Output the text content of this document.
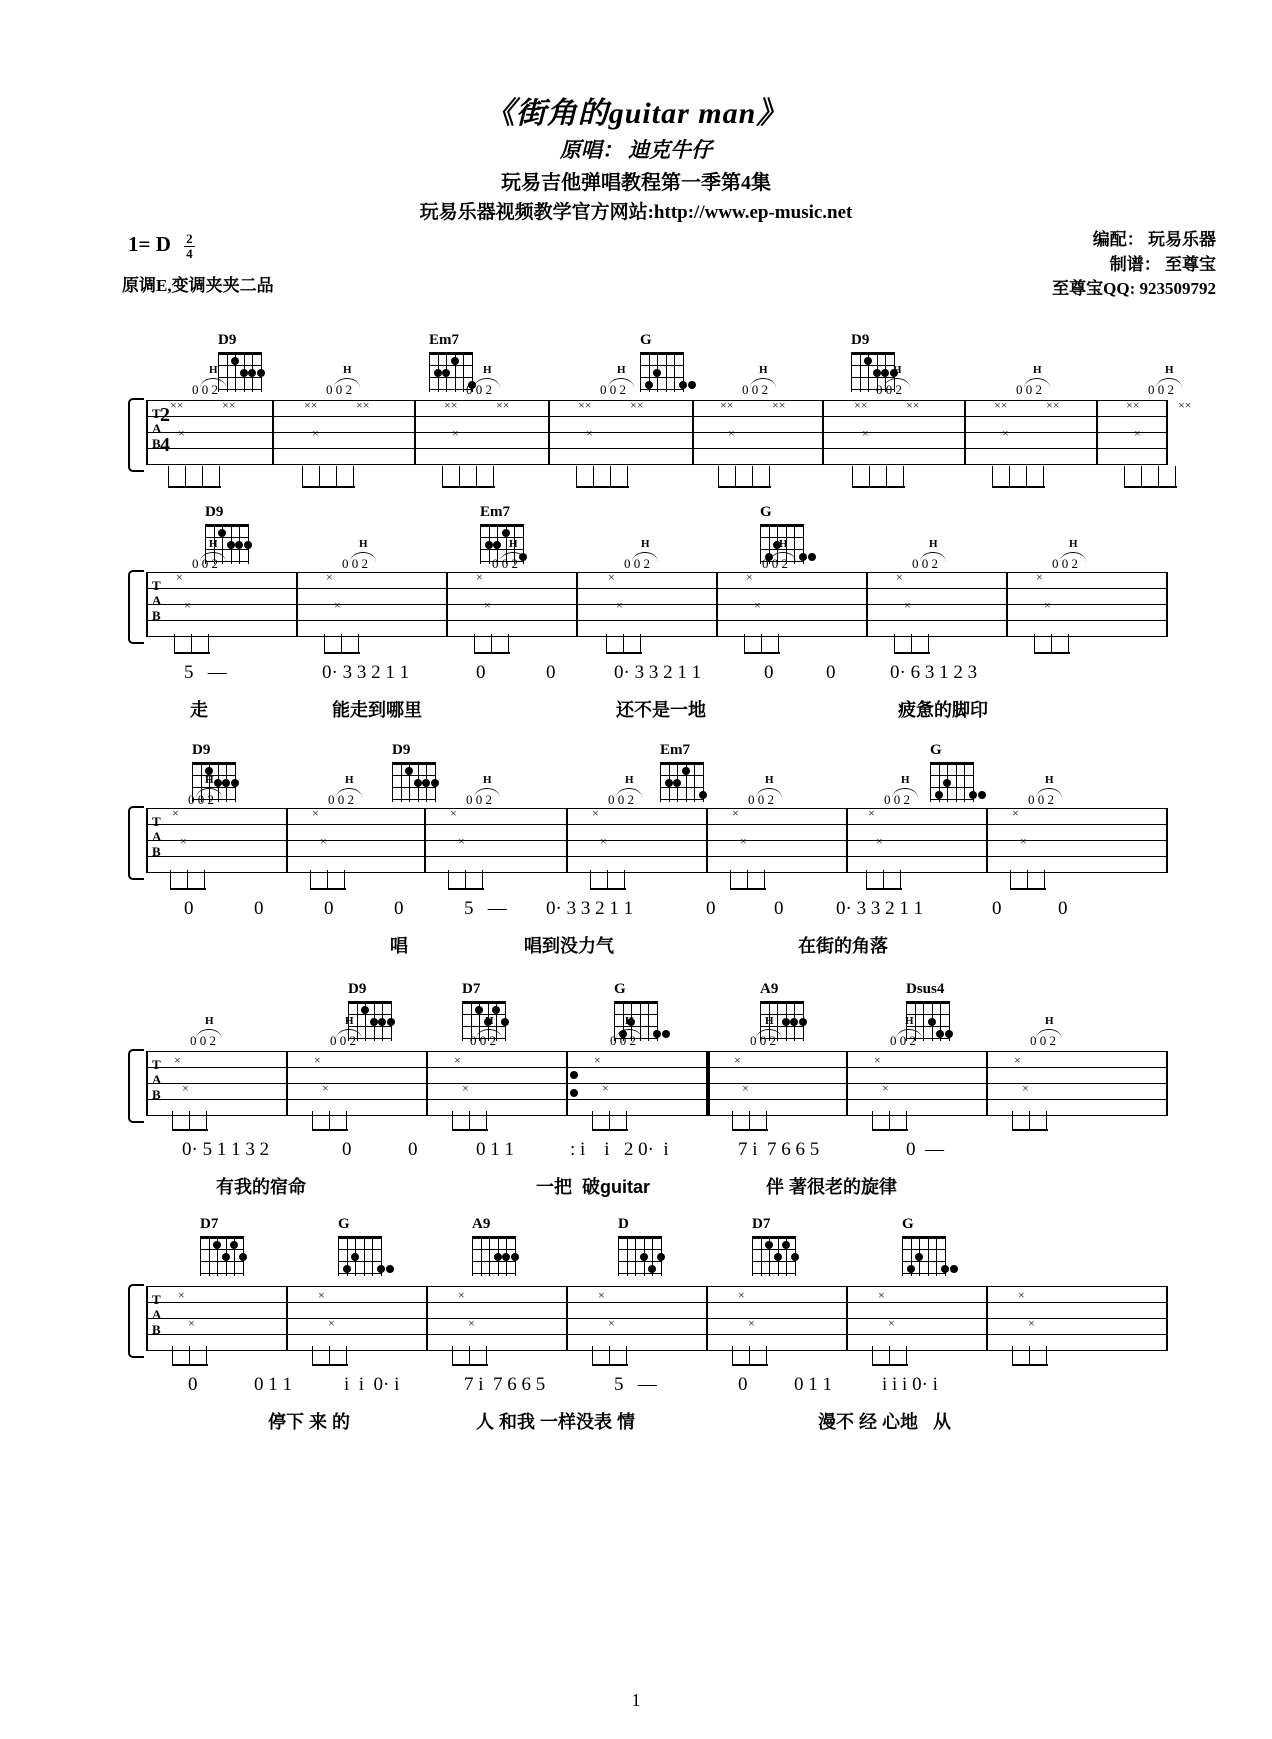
《街角的guitar man》
原唱： 迪克牛仔
玩易吉他弹唱教程第一季第4集
玩易乐器视频教学官方网站:http://www.ep-music.net
1= D $\frac{2}{4}$
原调E,变调夹夹二品
编配： 玩易乐器
制谱： 至尊宝
至尊宝QQ: 923509792
D9	Em7	G	D9
T
A
B
H
0 0 2
××	××
×
H
0 0 2
××	××
×
H
0 0 2
××	××
×
H
0 0 2
××	××
×
H
0 0 2
××	××
×
H
0 0 2
××	××
×
H
0 0 2
××	××
×
H
0 0 2
××	××
×
2
4
D9	Em7	G
T
A
B
H
0 0 2
×
×
H
0 0 2
×
×
H
0 0 2
×
×
H
0 0 2
×
×
H
0 0 2
×
×
H
0 0 2
×
×
H
0 0 2
×
×
5   —	0· 3 3 2 1 1	0	0	0· 3 3 2 1 1	0	0	0· 6 3 1 2 3
走	能走到哪里	还不是一地	疲惫的脚印
D9	D9	Em7	G
T
A
B
H
0 0 2
×
×
H
0 0 2
×
×
H
0 0 2
×
×
H
0 0 2
×
×
H
0 0 2
×
×
H
0 0 2
×
×
H
0 0 2
×
×
0	0	0	0	5   — 0· 3 3 2 1 1	0	0	0· 3 3 2 1 1	0	0
唱	唱到没力气	在街的角落
D9	D7	G	A9	Dsus4
T
A
B
H
0 0 2
×
×
H
0 0 2
×
×
H
0 0 2
×
×
H
0 0 2
×
×
H
0 0 2
×
×
H
0 0 2
×
×
H
0 0 2
×
×
0· 5 1 1 3 2	0	0	0 1 1	: i    i   2 0·  i	7 i  7 6 6 5	0  —
有我的宿命	一把  破guitar	伴 著很老的旋律
D7	G	A9	D	D7	G
T
A
B
×
×
×
×
×
×
×
×
×
×
×
×
×
×
0	0 1 1	i  i  0· i	7 i  7 6 6 5	5   —	0 0 1 1	i i i 0· i
停下 来 的	人 和我 一样没表 情	漫不 经 心地   从
1
